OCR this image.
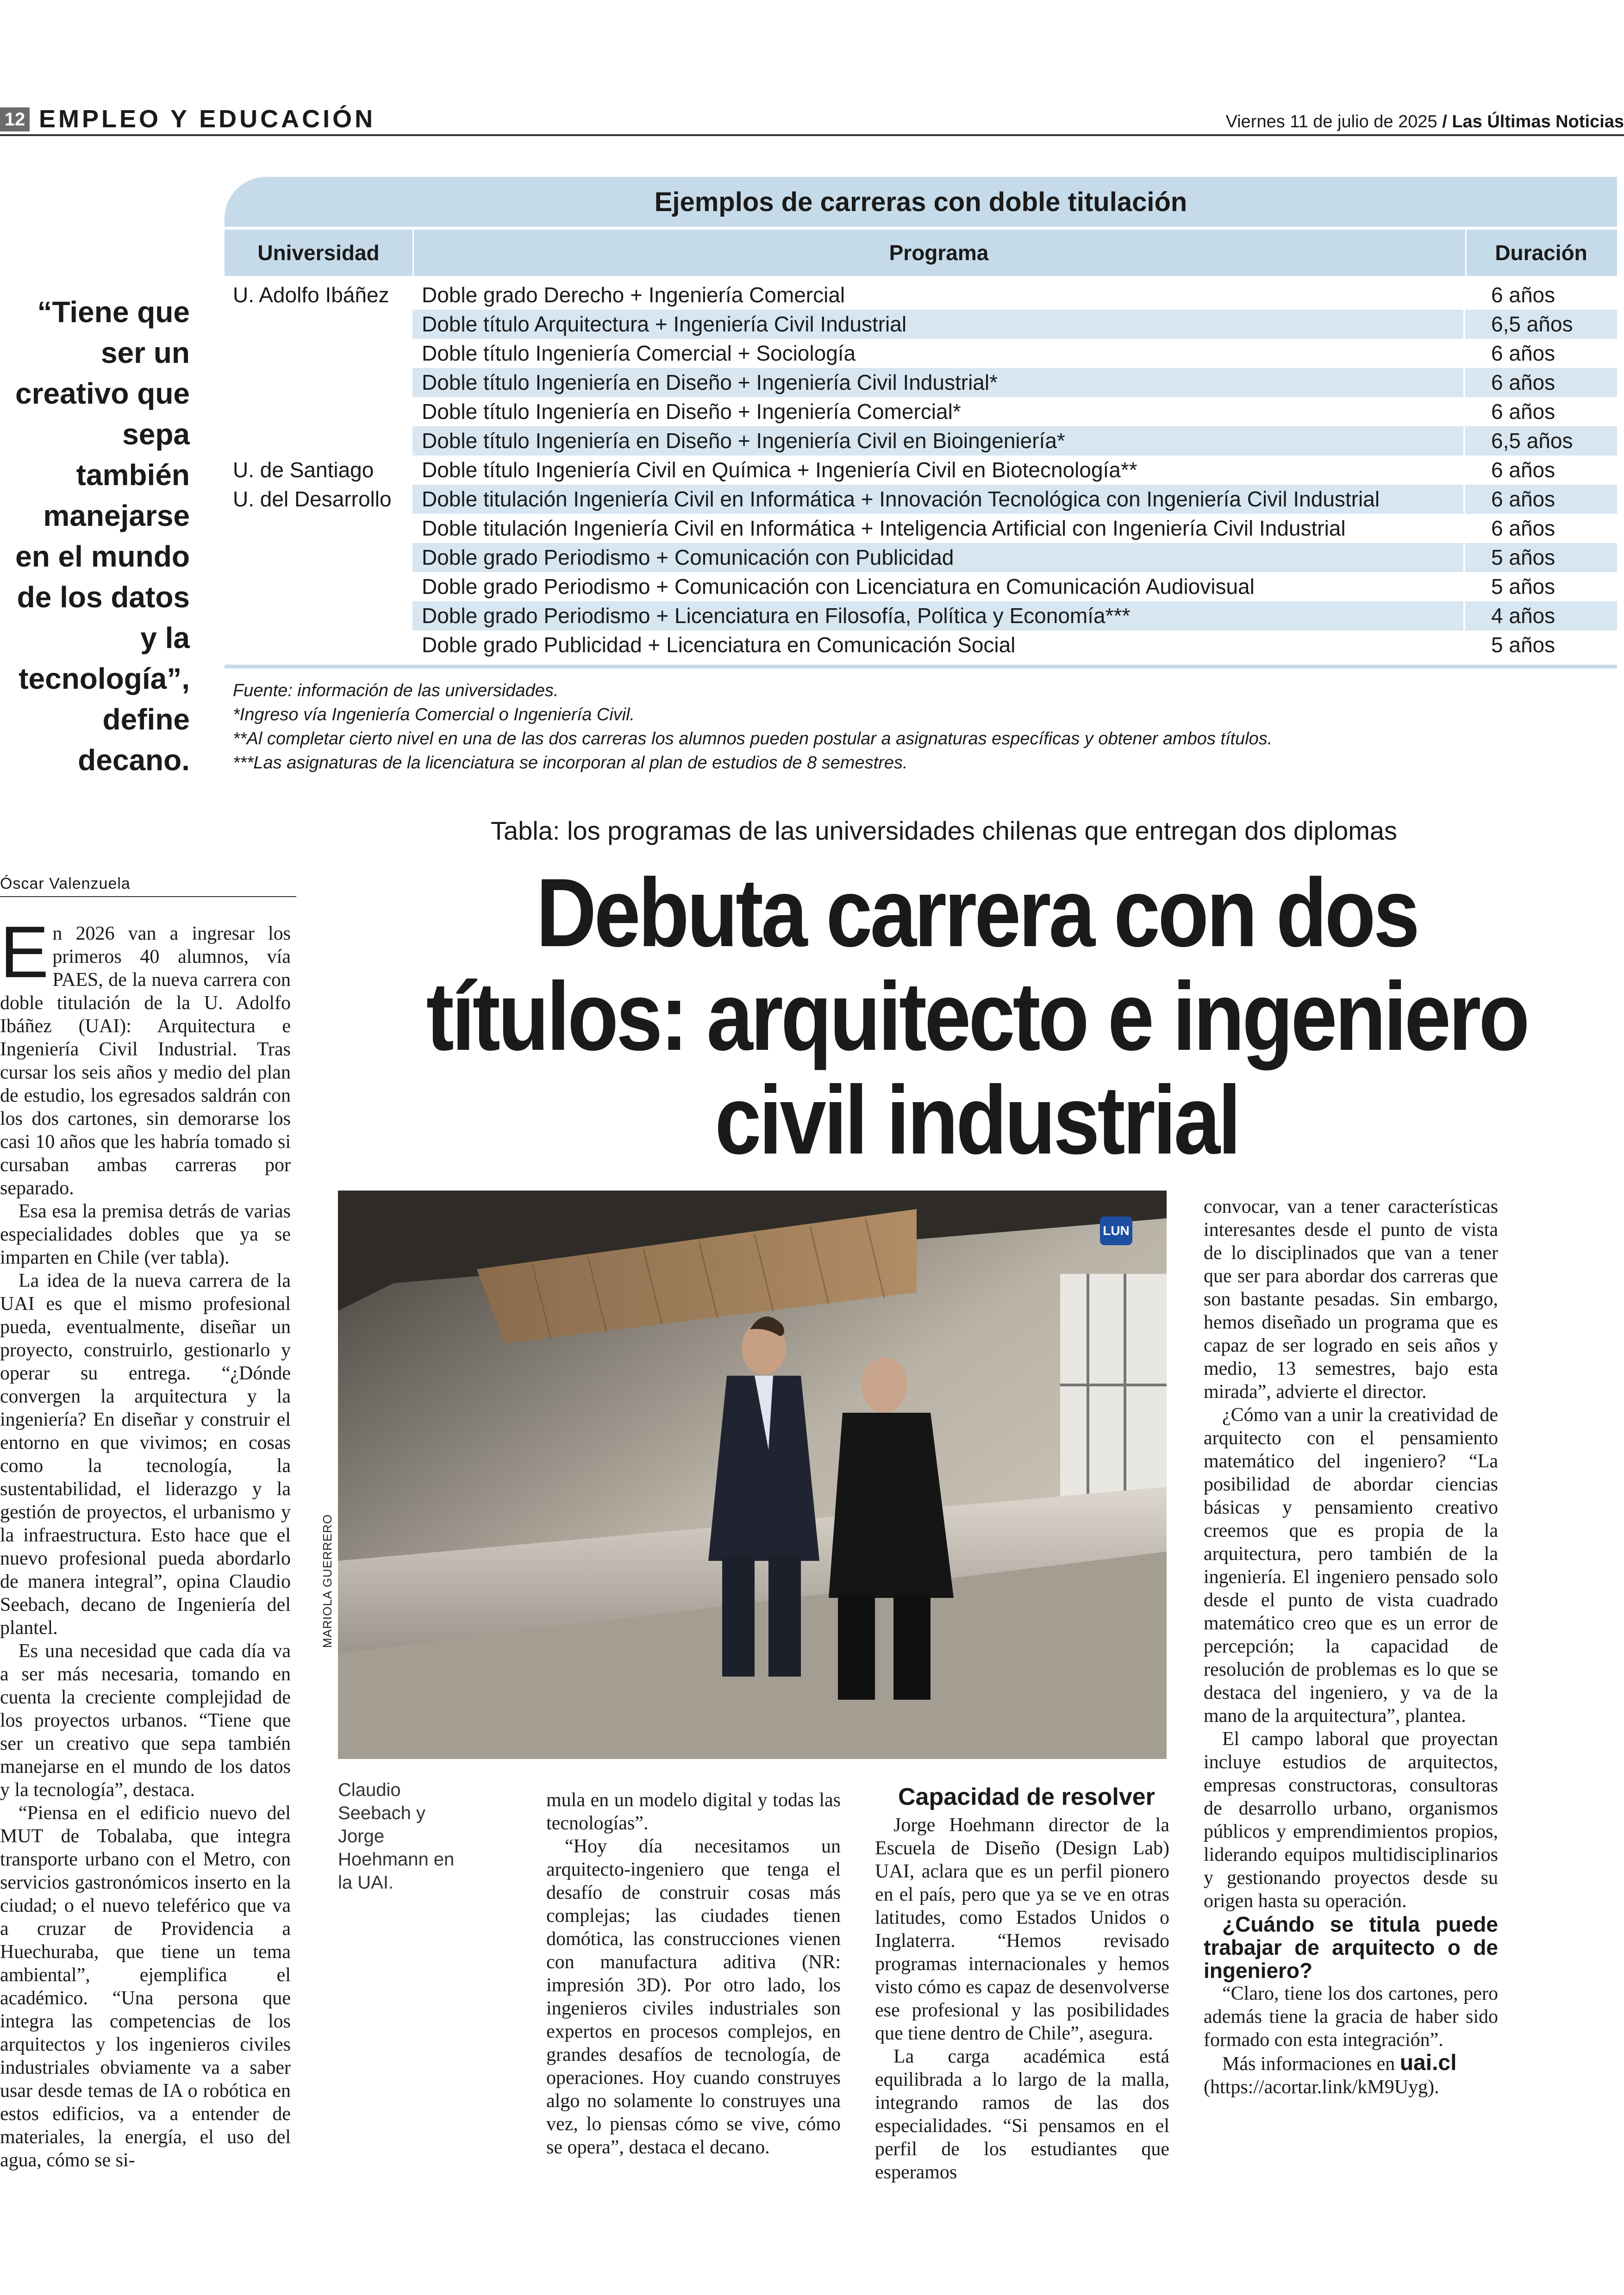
12 EMPLEO Y EDUCACIÓN	Viernes 11 de julio de 2025 / Las Últimas Noticias
“Tiene que ser un creativo que sepa también manejarse en el mundo de los datos y la tecnología”, define decano.
Ejemplos de carreras con doble titulación
Universidad	Programa	Duración
U. Adolfo Ibáñez	Doble grado Derecho + Ingeniería Comercial	6 años
Doble título Arquitectura + Ingeniería Civil Industrial	6,5 años
Doble título Ingeniería Comercial + Sociología	6 años
Doble título Ingeniería en Diseño + Ingeniería Civil Industrial*	6 años
Doble título Ingeniería en Diseño + Ingeniería Comercial*	6 años
Doble título Ingeniería en Diseño + Ingeniería Civil en Bioingeniería*	6,5 años
U. de Santiago	Doble título Ingeniería Civil en Química + Ingeniería Civil en Biotecnología**	6 años
U. del Desarrollo	Doble titulación Ingeniería Civil en Informática + Innovación Tecnológica con Ingeniería Civil Industrial	6 años
Doble titulación Ingeniería Civil en Informática + Inteligencia Artificial con Ingeniería Civil Industrial	6 años
Doble grado Periodismo + Comunicación con Publicidad	5 años
Doble grado Periodismo + Comunicación con Licenciatura en Comunicación Audiovisual	5 años
Doble grado Periodismo + Licenciatura en Filosofía, Política y Economía***	4 años
Doble grado Publicidad + Licenciatura en Comunicación Social	5 años
Fuente: información de las universidades.
*Ingreso vía Ingeniería Comercial o Ingeniería Civil.
**Al completar cierto nivel en una de las dos carreras los alumnos pueden postular a asignaturas específicas y obtener ambos títulos.
***Las asignaturas de la licenciatura se incorporan al plan de estudios de 8 semestres.
Tabla: los programas de las universidades chilenas que entregan dos diplomas
Óscar Valenzuela	Debuta carrera con dos títulos: arquitecto e ingeniero civil industrial

En 2026 van a ingresar los primeros 40 alumnos, vía PAES, de la nueva carrera con doble titulación de la U. Adolfo Ibáñez (UAI): Arquitectura e Ingeniería Civil Industrial. Tras cursar los seis años y medio del plan de estudio, los egresados saldrán con los dos cartones, sin demorarse los casi 10 años que les habría tomado si cursaban ambas carreras por separado.

Esa esa la premisa detrás de varias especialidades dobles que ya se imparten en Chile (ver tabla).

La idea de la nueva carrera de la UAI es que el mismo profesional pueda, eventualmente, diseñar un proyecto, construirlo, gestionarlo y operar su entrega. “¿Dónde convergen la arquitectura y la ingeniería? En diseñar y construir el entorno en que vivimos; en cosas como la tecnología, la sustentabilidad, el liderazgo y la gestión de proyectos, el urbanismo y la infraestructura. Esto hace que el nuevo profesional pueda abordarlo de manera integral”, opina Claudio Seebach, decano de Ingeniería del plantel.

Es una necesidad que cada día va a ser más necesaria, tomando en cuenta la creciente complejidad de los proyectos urbanos. “Tiene que ser un creativo que sepa también manejarse en el mundo de los datos y la tecnología”, destaca.

“Piensa en el edificio nuevo del MUT de Tobalaba, que integra transporte urbano con el Metro, con servicios gastronómicos inserto en la ciudad; o el nuevo teleférico que va a cruzar de Providencia a Huechuraba, que tiene un tema ambiental”, ejemplifica el académico. “Una persona que integra las competencias de los arquitectos y los ingenieros civiles industriales obviamente va a saber usar desde temas de IA o robótica en estos edificios, va a entender de materiales, la energía, el uso del agua, cómo se si-

LUN
MARIOLA GUERRERO
Claudio Seebach y Jorge Hoehmann en la UAI.

mula en un modelo digital y todas las tecnologías”.

“Hoy día necesitamos un arquitecto-ingeniero que tenga el desafío de construir cosas más complejas; las ciudades tienen domótica, las construcciones vienen con manufactura aditiva (NR: impresión 3D). Por otro lado, los ingenieros civiles industriales son expertos en procesos complejos, en grandes desafíos de tecnología, de operaciones. Hoy cuando construyes algo no solamente lo construyes una vez, lo piensas cómo se vive, cómo se opera”, destaca el decano.

Capacidad de resolver

Jorge Hoehmann director de la Escuela de Diseño (Design Lab) UAI, aclara que es un perfil pionero en el país, pero que ya se ve en otras latitudes, como Estados Unidos o Inglaterra. “Hemos revisado programas internacionales y hemos visto cómo es capaz de desenvolverse ese profesional y las posibilidades que tiene dentro de Chile”, asegura.

La carga académica está equilibrada a lo largo de la malla, integrando ramos de las dos especialidades. “Si pensamos en el perfil de los estudiantes que esperamos

convocar, van a tener características interesantes desde el punto de vista de lo disciplinados que van a tener que ser para abordar dos carreras que son bastante pesadas. Sin embargo, hemos diseñado un programa que es capaz de ser logrado en seis años y medio, 13 semestres, bajo esta mirada”, advierte el director.

¿Cómo van a unir la creatividad de arquitecto con el pensamiento matemático del ingeniero? “La posibilidad de abordar ciencias básicas y pensamiento creativo creemos que es propia de la arquitectura, pero también de la ingeniería. El ingeniero pensado solo desde el punto de vista cuadrado matemático creo que es un error de percepción; la capacidad de resolución de problemas es lo que se destaca del ingeniero, y va de la mano de la arquitectura”, plantea.

El campo laboral que proyectan incluye estudios de arquitectos, empresas constructoras, consultoras de desarrollo urbano, organismos públicos y emprendimientos propios, liderando equipos multidisciplinarios y gestionando proyectos desde su origen hasta su operación.

¿Cuándo se titula puede trabajar de arquitecto o de ingeniero?

“Claro, tiene los dos cartones, pero además tiene la gracia de haber sido formado con esta integración”.

Más informaciones en uai.cl
(https://acortar.link/kM9Uyg).
